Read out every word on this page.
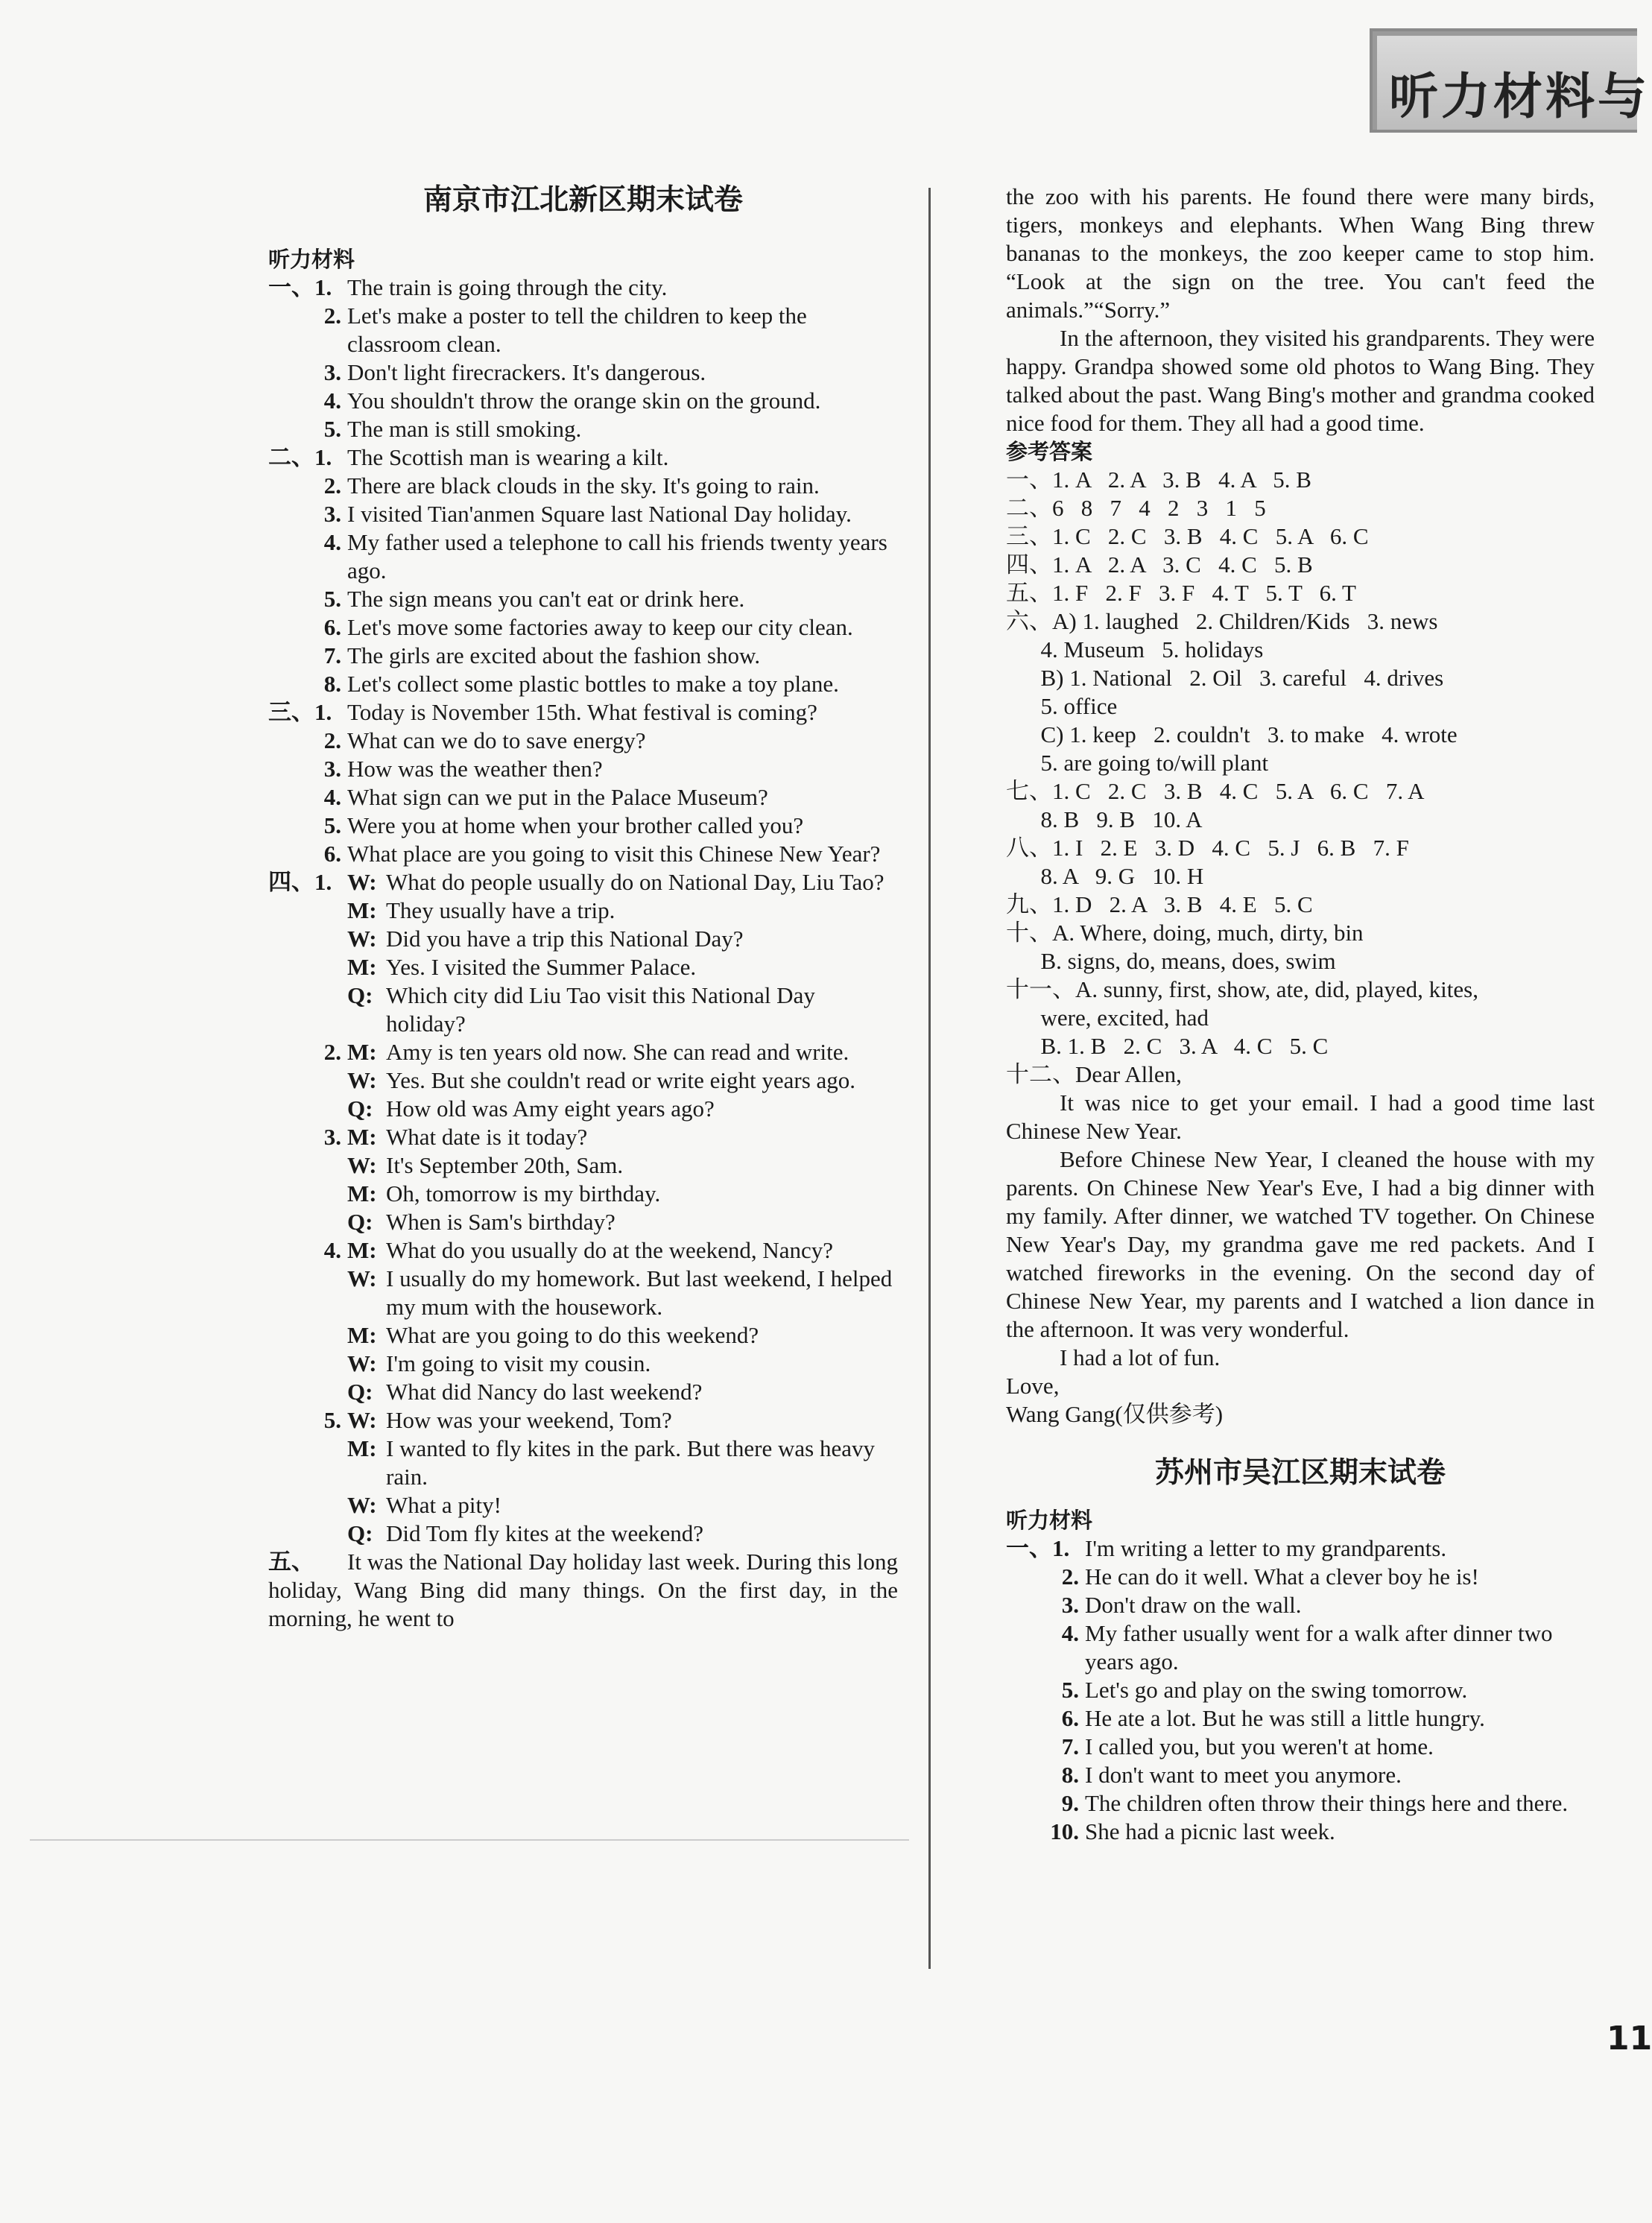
听力材料与
南京市江北新区期末试卷
听力材料
一、1. The train is going through the city.
2. Let's make a poster to tell the children to keep the classroom clean.
3. Don't light firecrackers. It's dangerous.
4. You shouldn't throw the orange skin on the ground.
5. The man is still smoking.
二、1. The Scottish man is wearing a kilt.
2. There are black clouds in the sky. It's going to rain.
3. I visited Tian'anmen Square last National Day holiday.
4. My father used a telephone to call his friends twenty years ago.
5. The sign means you can't eat or drink here.
6. Let's move some factories away to keep our city clean.
7. The girls are excited about the fashion show.
8. Let's collect some plastic bottles to make a toy plane.
三、1. Today is November 15th. What festival is coming?
2. What can we do to save energy?
3. How was the weather then?
4. What sign can we put in the Palace Museum?
5. Were you at home when your brother called you?
6. What place are you going to visit this Chinese New Year?
四、1. W: What do people usually do on National Day, Liu Tao?
M: They usually have a trip.
W: Did you have a trip this National Day?
M: Yes. I visited the Summer Palace.
Q: Which city did Liu Tao visit this National Day holiday?
2. M: Amy is ten years old now. She can read and write.
W: Yes. But she couldn't read or write eight years ago.
Q: How old was Amy eight years ago?
3. M: What date is it today?
W: It's September 20th, Sam.
M: Oh, tomorrow is my birthday.
Q: When is Sam's birthday?
4. M: What do you usually do at the weekend, Nancy?
W: I usually do my homework. But last weekend, I helped my mum with the housework.
M: What are you going to do this weekend?
W: I'm going to visit my cousin.
Q: What did Nancy do last weekend?
5. W: How was your weekend, Tom?
M: I wanted to fly kites in the park. But there was heavy rain.
W: What a pity!
Q: Did Tom fly kites at the weekend?
五、 It was the National Day holiday last week. During this long holiday, Wang Bing did many things. On the first day, in the morning, he went to
the zoo with his parents. He found there were many birds, tigers, monkeys and elephants. When Wang Bing threw bananas to the monkeys, the zoo keeper came to stop him. “Look at the sign on the tree. You can't feed the animals.”“Sorry.”
In the afternoon, they visited his grandparents. They were happy. Grandpa showed some old photos to Wang Bing. They talked about the past. Wang Bing's mother and grandma cooked nice food for them. They all had a good time.
参考答案
一、1. A   2. A   3. B   4. A   5. B
二、6   8   7   4   2   3   1   5
三、1. C   2. C   3. B   4. C   5. A   6. C
四、1. A   2. A   3. C   4. C   5. B
五、1. F   2. F   3. F   4. T   5. T   6. T
六、A) 1. laughed   2. Children/Kids   3. news
4. Museum   5. holidays
B) 1. National   2. Oil   3. careful   4. drives
5. office
C) 1. keep   2. couldn't   3. to make   4. wrote
5. are going to/will plant
七、1. C   2. C   3. B   4. C   5. A   6. C   7. A
8. B   9. B   10. A
八、1. I   2. E   3. D   4. C   5. J   6. B   7. F
8. A   9. G   10. H
九、1. D   2. A   3. B   4. E   5. C
十、A. Where, doing, much, dirty, bin
B. signs, do, means, does, swim
十一、A. sunny, first, show, ate, did, played, kites,
were, excited, had
B. 1. B   2. C   3. A   4. C   5. C
十二、Dear Allen,
It was nice to get your email. I had a good time last Chinese New Year.
Before Chinese New Year, I cleaned the house with my parents. On Chinese New Year's Eve, I had a big dinner with my family. After dinner, we watched TV together. On Chinese New Year's Day, my grandma gave me red packets. And I watched fireworks in the evening. On the second day of Chinese New Year, my parents and I watched a lion dance in the afternoon. It was very wonderful.
I had a lot of fun.
Love,
Wang Gang(仅供参考)
苏州市吴江区期末试卷
听力材料
一、1. I'm writing a letter to my grandparents.
2. He can do it well. What a clever boy he is!
3. Don't draw on the wall.
4. My father usually went for a walk after dinner two years ago.
5. Let's go and play on the swing tomorrow.
6. He ate a lot. But he was still a little hungry.
7. I called you, but you weren't at home.
8. I don't want to meet you anymore.
9. The children often throw their things here and there.
10. She had a picnic last week.
11
